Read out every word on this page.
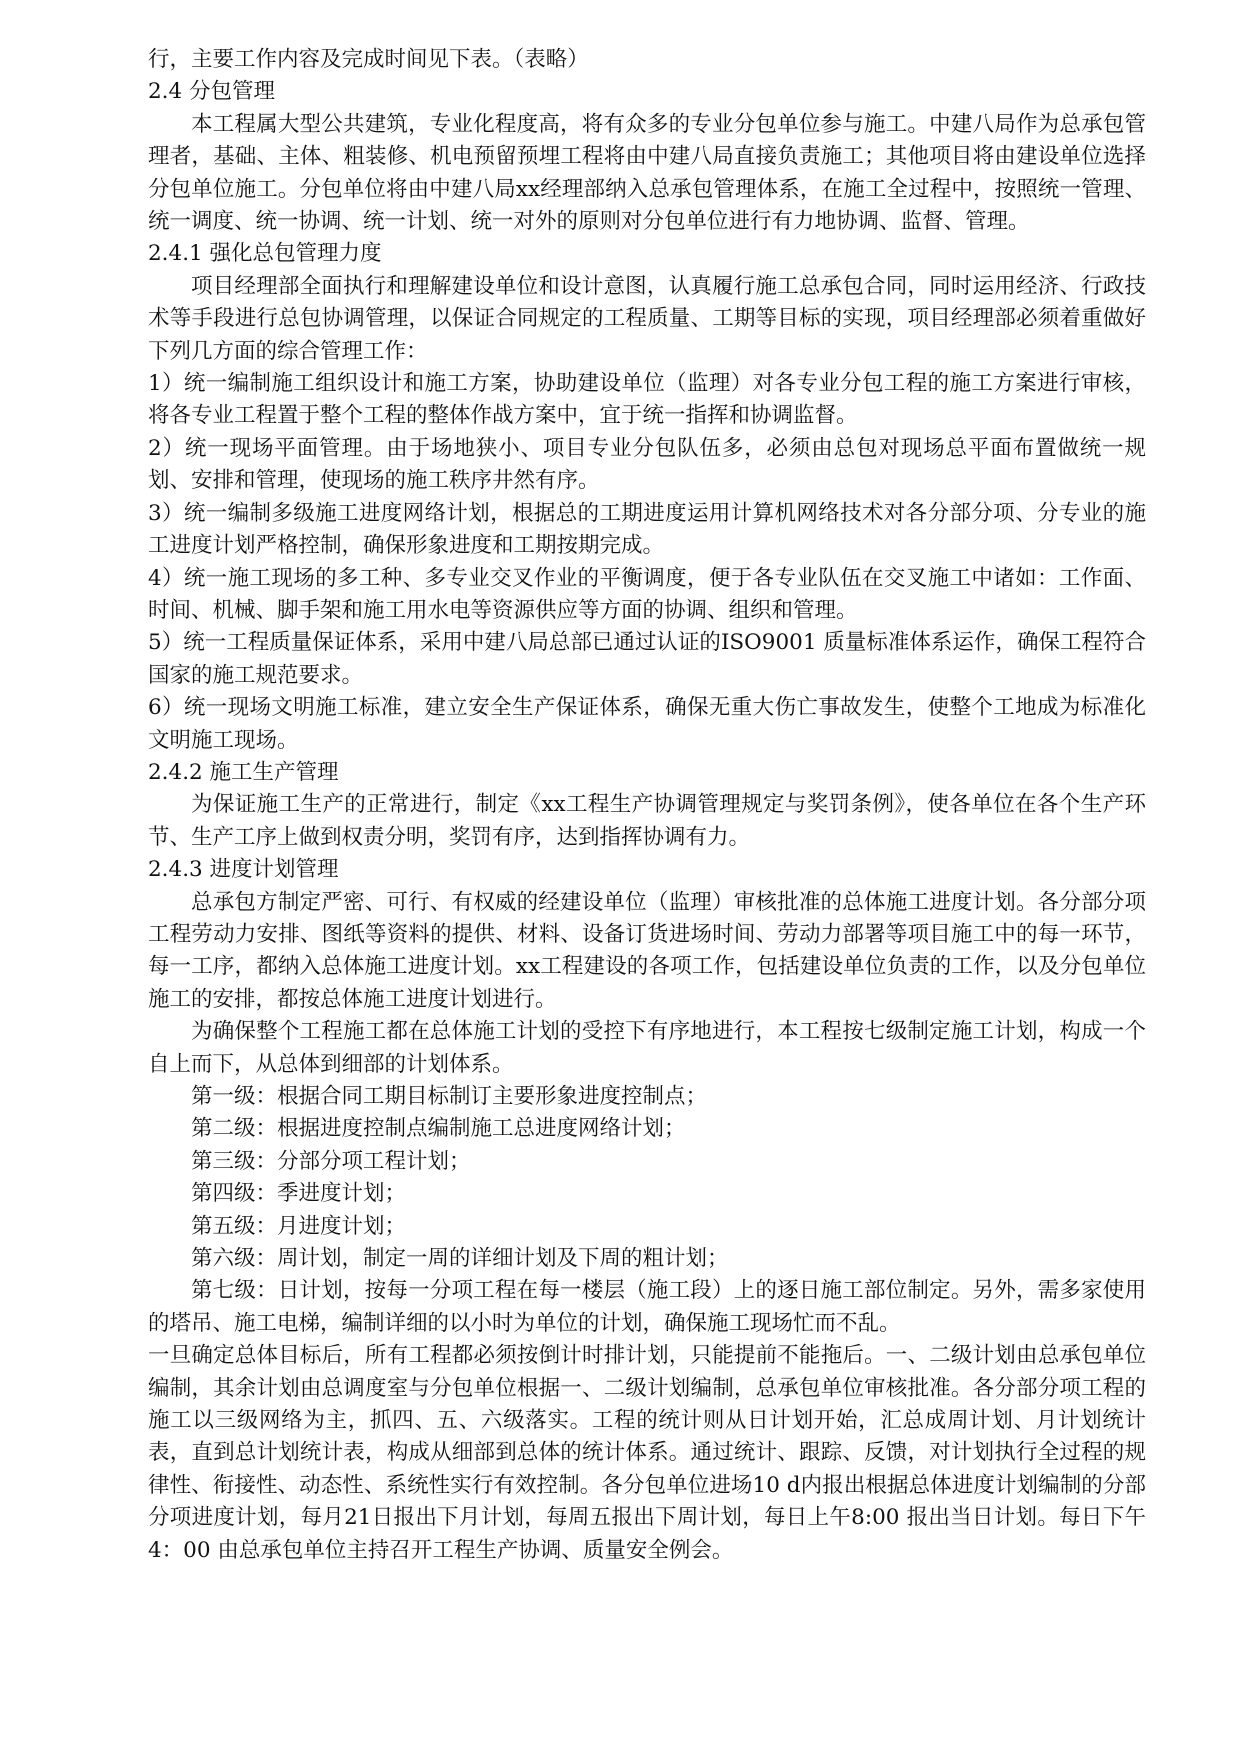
行，主要工作内容及完成时间见下表。（表略）

2.4 分包管理

本工程属大型公共建筑，专业化程度高，将有众多的专业分包单位参与施工。中建八局作为总承包管理者，基础、主体、粗装修、机电预留预埋工程将由中建八局直接负责施工；其他项目将由建设单位选择分包单位施工。分包单位将由中建八局xx经理部纳入总承包管理体系，在施工全过程中，按照统一管理、统一调度、统一协调、统一计划、统一对外的原则对分包单位进行有力地协调、监督、管理。

2.4.1 强化总包管理力度

项目经理部全面执行和理解建设单位和设计意图，认真履行施工总承包合同，同时运用经济、行政技术等手段进行总包协调管理，以保证合同规定的工程质量、工期等目标的实现，项目经理部必须着重做好下列几方面的综合管理工作：

1）统一编制施工组织设计和施工方案，协助建设单位（监理）对各专业分包工程的施工方案进行审核，将各专业工程置于整个工程的整体作战方案中，宜于统一指挥和协调监督。

2）统一现场平面管理。由于场地狭小、项目专业分包队伍多，必须由总包对现场总平面布置做统一规划、安排和管理，使现场的施工秩序井然有序。

3）统一编制多级施工进度网络计划，根据总的工期进度运用计算机网络技术对各分部分项、分专业的施工进度计划严格控制，确保形象进度和工期按期完成。

4）统一施工现场的多工种、多专业交叉作业的平衡调度，便于各专业队伍在交叉施工中诸如：工作面、时间、机械、脚手架和施工用水电等资源供应等方面的协调、组织和管理。

5）统一工程质量保证体系，采用中建八局总部已通过认证的ISO9001 质量标准体系运作，确保工程符合国家的施工规范要求。

6）统一现场文明施工标准，建立安全生产保证体系，确保无重大伤亡事故发生，使整个工地成为标准化文明施工现场。

2.4.2 施工生产管理

为保证施工生产的正常进行，制定《xx工程生产协调管理规定与奖罚条例》，使各单位在各个生产环节、生产工序上做到权责分明，奖罚有序，达到指挥协调有力。

2.4.3 进度计划管理

总承包方制定严密、可行、有权威的经建设单位（监理）审核批准的总体施工进度计划。各分部分项工程劳动力安排、图纸等资料的提供、材料、设备订货进场时间、劳动力部署等项目施工中的每一环节，每一工序，都纳入总体施工进度计划。xx工程建设的各项工作，包括建设单位负责的工作，以及分包单位施工的安排，都按总体施工进度计划进行。

为确保整个工程施工都在总体施工计划的受控下有序地进行，本工程按七级制定施工计划，构成一个自上而下，从总体到细部的计划体系。

第一级：根据合同工期目标制订主要形象进度控制点；

第二级：根据进度控制点编制施工总进度网络计划；

第三级：分部分项工程计划；

第四级：季进度计划；

第五级：月进度计划；

第六级：周计划，制定一周的详细计划及下周的粗计划；

第七级：日计划，按每一分项工程在每一楼层（施工段）上的逐日施工部位制定。另外，需多家使用的塔吊、施工电梯，编制详细的以小时为单位的计划，确保施工现场忙而不乱。

一旦确定总体目标后，所有工程都必须按倒计时排计划，只能提前不能拖后。一、二级计划由总承包单位编制，其余计划由总调度室与分包单位根据一、二级计划编制，总承包单位审核批准。各分部分项工程的施工以三级网络为主，抓四、五、六级落实。工程的统计则从日计划开始，汇总成周计划、月计划统计表，直到总计划统计表，构成从细部到总体的统计体系。通过统计、跟踪、反馈，对计划执行全过程的规律性、衔接性、动态性、系统性实行有效控制。各分包单位进场10 d内报出根据总体进度计划编制的分部分项进度计划，每月21日报出下月计划，每周五报出下周计划，每日上午8:00 报出当日计划。每日下午4：00 由总承包单位主持召开工程生产协调、质量安全例会。
